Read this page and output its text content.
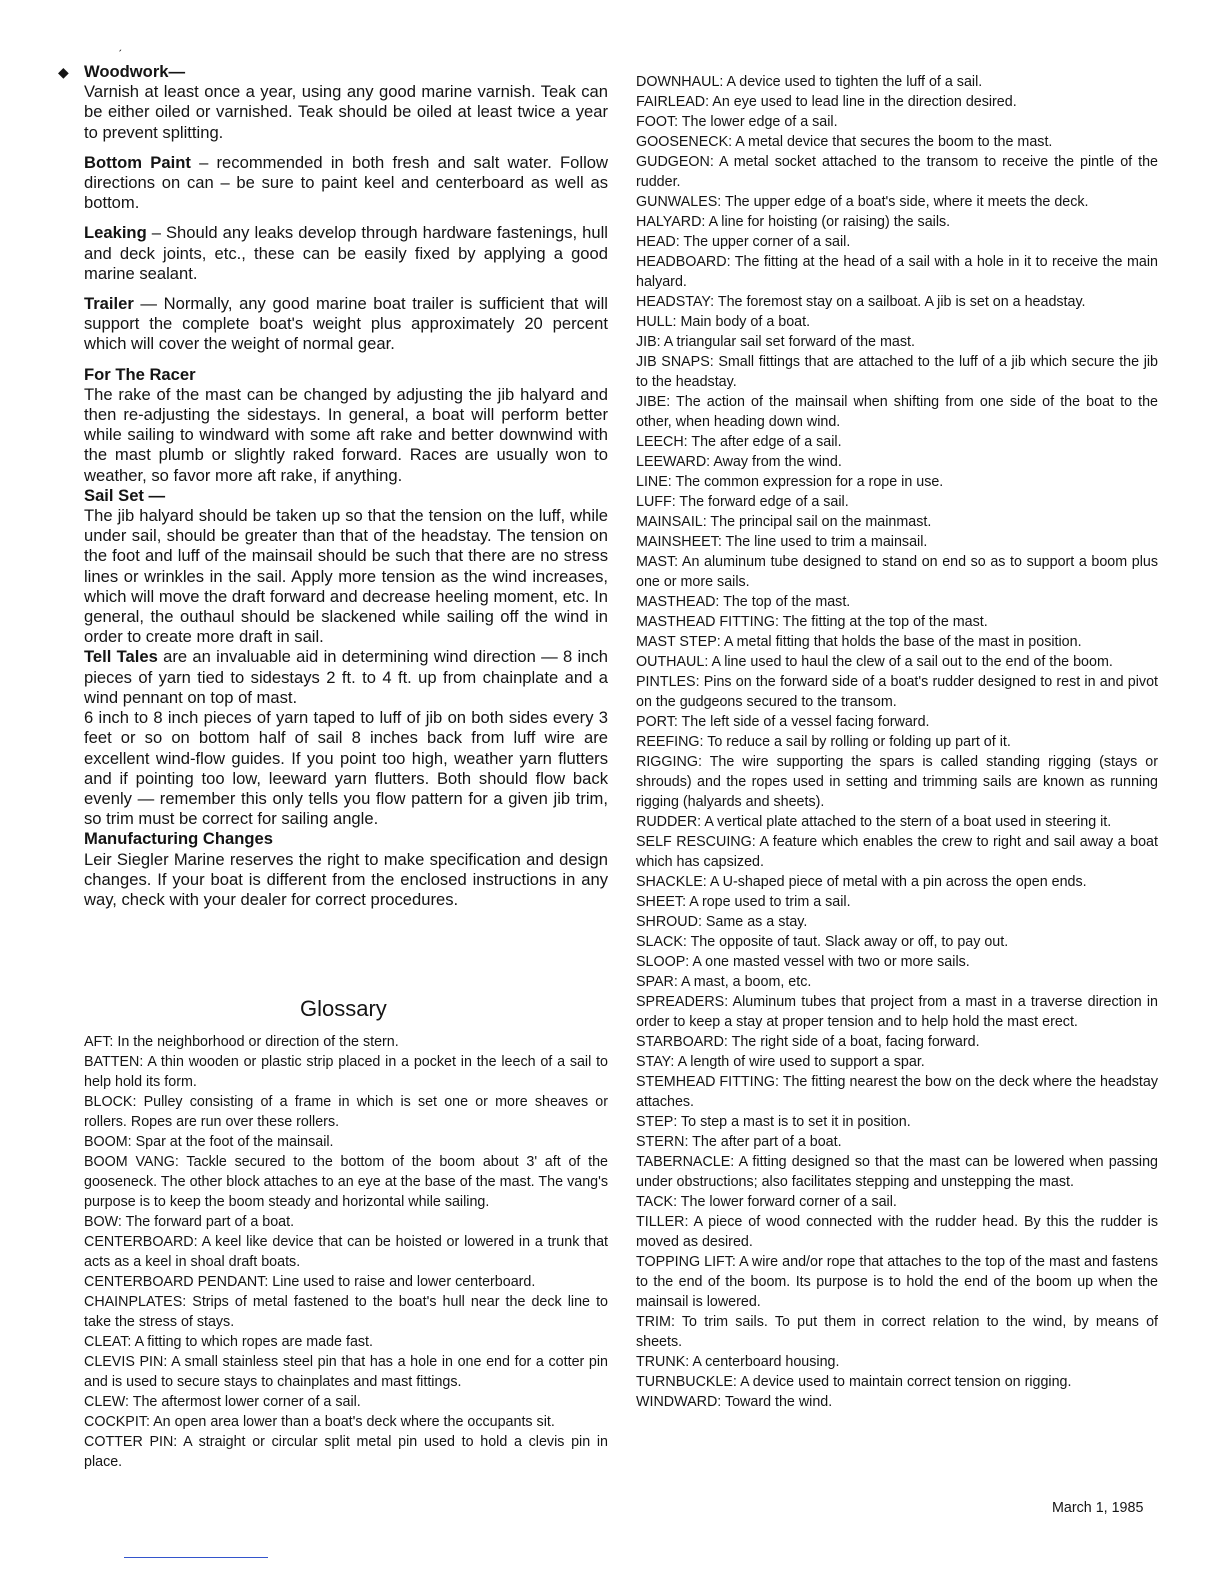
◆
ˏ

Woodwork—

Varnish at least once a year, using any good marine varnish. Teak can be either oiled or varnished. Teak should be oiled at least twice a year to prevent splitting.

Bottom Paint – recommended in both fresh and salt water. Follow directions on can – be sure to paint keel and centerboard as well as bottom.

Leaking – Should any leaks develop through hardware fastenings, hull and deck joints, etc., these can be easily fixed by applying a good marine sealant.

Trailer — Normally, any good marine boat trailer is sufficient that will support the complete boat's weight plus approximately 20 percent which will cover the weight of normal gear.

For The Racer

The rake of the mast can be changed by adjusting the jib halyard and then re-adjusting the sidestays. In general, a boat will perform better while sailing to windward with some aft rake and better downwind with the mast plumb or slightly raked forward. Races are usually won to weather, so favor more aft rake, if anything.

Sail Set —

The jib halyard should be taken up so that the tension on the luff, while under sail, should be greater than that of the headstay. The tension on the foot and luff of the mainsail should be such that there are no stress lines or wrinkles in the sail. Apply more tension as the wind increases, which will move the draft forward and decrease heeling moment, etc. In general, the outhaul should be slackened while sailing off the wind in order to create more draft in sail.

Tell Tales are an invaluable aid in determining wind direction — 8 inch pieces of yarn tied to sidestays 2 ft. to 4 ft. up from chainplate and a wind pennant on top of mast.

6 inch to 8 inch pieces of yarn taped to luff of jib on both sides every 3 feet or so on bottom half of sail 8 inches back from luff wire are excellent wind-flow guides. If you point too high, weather yarn flutters and if pointing too low, leeward yarn flutters. Both should flow back evenly — remember this only tells you flow pattern for a given jib trim, so trim must be correct for sailing angle.

Manufacturing Changes

Leir Siegler Marine reserves the right to make specification and design changes. If your boat is different from the enclosed instructions in any way, check with your dealer for correct procedures.

Glossary

AFT: In the neighborhood or direction of the stern.

BATTEN: A thin wooden or plastic strip placed in a pocket in the leech of a sail to help hold its form.

BLOCK: Pulley consisting of a frame in which is set one or more sheaves or rollers. Ropes are run over these rollers.

BOOM: Spar at the foot of the mainsail.

BOOM VANG: Tackle secured to the bottom of the boom about 3' aft of the gooseneck. The other block attaches to an eye at the base of the mast. The vang's purpose is to keep the boom steady and horizontal while sailing.

BOW: The forward part of a boat.

CENTERBOARD: A keel like device that can be hoisted or lowered in a trunk that acts as a keel in shoal draft boats.

CENTERBOARD PENDANT: Line used to raise and lower centerboard.

CHAINPLATES: Strips of metal fastened to the boat's hull near the deck line to take the stress of stays.

CLEAT: A fitting to which ropes are made fast.

CLEVIS PIN: A small stainless steel pin that has a hole in one end for a cotter pin and is used to secure stays to chainplates and mast fittings.

CLEW: The aftermost lower corner of a sail.

COCKPIT: An open area lower than a boat's deck where the occupants sit.

COTTER PIN: A straight or circular split metal pin used to hold a clevis pin in place.

DOWNHAUL: A device used to tighten the luff of a sail.

FAIRLEAD: An eye used to lead line in the direction desired.

FOOT: The lower edge of a sail.

GOOSENECK: A metal device that secures the boom to the mast.

GUDGEON: A metal socket attached to the transom to receive the pintle of the rudder.

GUNWALES: The upper edge of a boat's side, where it meets the deck.

HALYARD: A line for hoisting (or raising) the sails.

HEAD: The upper corner of a sail.

HEADBOARD: The fitting at the head of a sail with a hole in it to receive the main halyard.

HEADSTAY: The foremost stay on a sailboat. A jib is set on a headstay.

HULL: Main body of a boat.

JIB: A triangular sail set forward of the mast.

JIB SNAPS: Small fittings that are attached to the luff of a jib which secure the jib to the headstay.

JIBE: The action of the mainsail when shifting from one side of the boat to the other, when heading down wind.

LEECH: The after edge of a sail.

LEEWARD: Away from the wind.

LINE: The common expression for a rope in use.

LUFF: The forward edge of a sail.

MAINSAIL: The principal sail on the mainmast.

MAINSHEET: The line used to trim a mainsail.

MAST: An aluminum tube designed to stand on end so as to support a boom plus one or more sails.

MASTHEAD: The top of the mast.

MASTHEAD FITTING: The fitting at the top of the mast.

MAST STEP: A metal fitting that holds the base of the mast in position.

OUTHAUL: A line used to haul the clew of a sail out to the end of the boom.

PINTLES: Pins on the forward side of a boat's rudder designed to rest in and pivot on the gudgeons secured to the transom.

PORT: The left side of a vessel facing forward.

REEFING: To reduce a sail by rolling or folding up part of it.

RIGGING: The wire supporting the spars is called standing rigging (stays or shrouds) and the ropes used in setting and trimming sails are known as running rigging (halyards and sheets).

RUDDER: A vertical plate attached to the stern of a boat used in steering it.

SELF RESCUING: A feature which enables the crew to right and sail away a boat which has capsized.

SHACKLE: A U-shaped piece of metal with a pin across the open ends.

SHEET: A rope used to trim a sail.

SHROUD: Same as a stay.

SLACK: The opposite of taut. Slack away or off, to pay out.

SLOOP: A one masted vessel with two or more sails.

SPAR: A mast, a boom, etc.

SPREADERS: Aluminum tubes that project from a mast in a traverse direction in order to keep a stay at proper tension and to help hold the mast erect.

STARBOARD: The right side of a boat, facing forward.

STAY: A length of wire used to support a spar.

STEMHEAD FITTING: The fitting nearest the bow on the deck where the headstay attaches.

STEP: To step a mast is to set it in position.

STERN: The after part of a boat.

TABERNACLE: A fitting designed so that the mast can be lowered when passing under obstructions; also facilitates stepping and unstepping the mast.

TACK: The lower forward corner of a sail.

TILLER: A piece of wood connected with the rudder head. By this the rudder is moved as desired.

TOPPING LIFT: A wire and/or rope that attaches to the top of the mast and fastens to the end of the boom. Its purpose is to hold the end of the boom up when the mainsail is lowered.

TRIM: To trim sails. To put them in correct relation to the wind, by means of sheets.

TRUNK: A centerboard housing.

TURNBUCKLE: A device used to maintain correct tension on rigging.

WINDWARD: Toward the wind.

March 1, 1985
